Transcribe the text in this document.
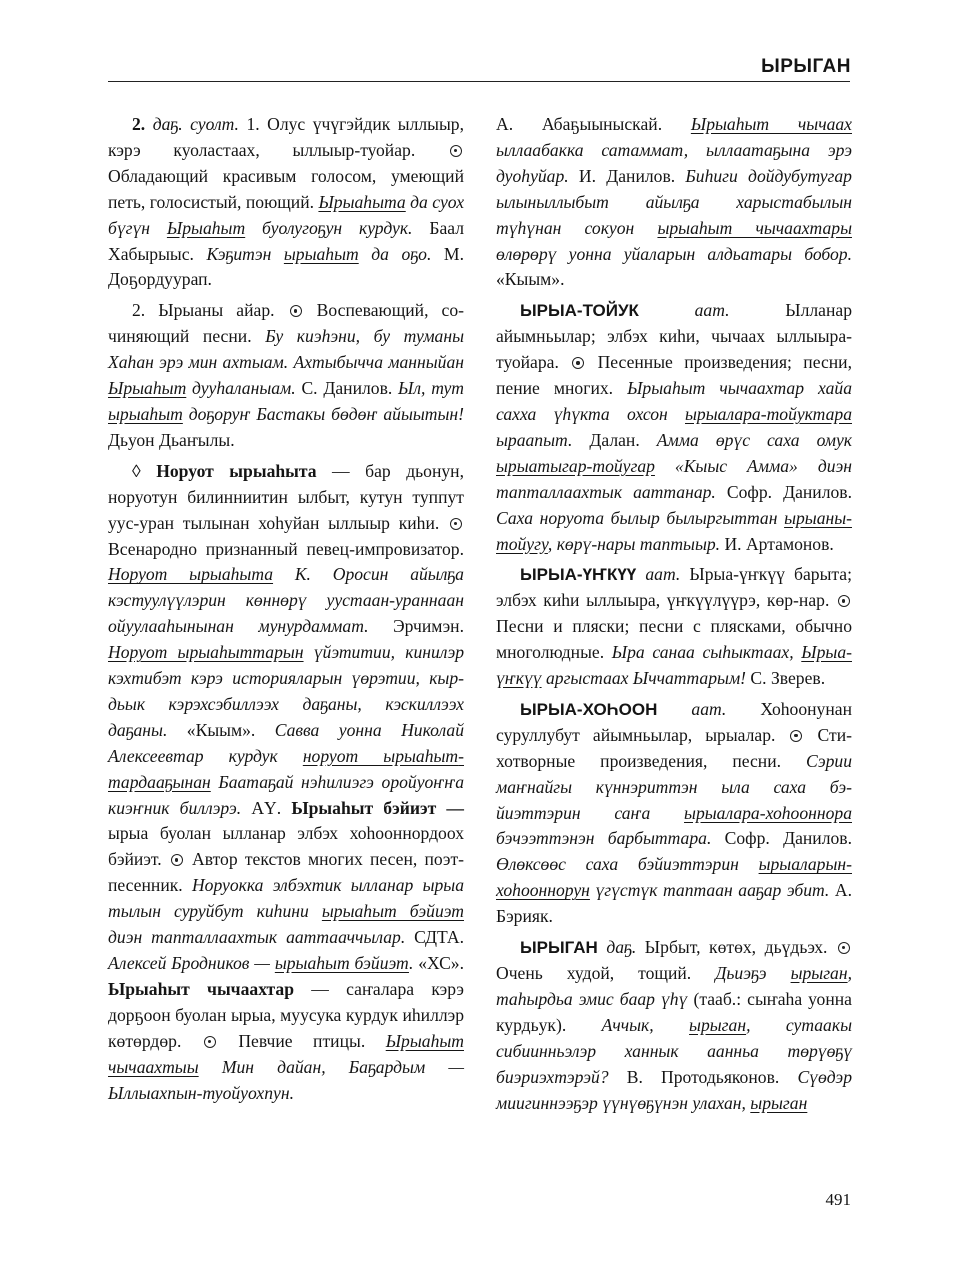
ЫРЫГАН

2. даҕ. суолт. 1. Олус үчүгэйдик ыллыыр, кэрэ куоластаах, ыллыыр-туойар.  Обладающий красивым голосом, умеющий петь, голосистый, поющий. Ырыаһыта да суох бүгүн Ырыаһыт буолугоҕун курдук. Баал Хабырыыс. Кэҕитэн ырыаһыт да оҕо. М. Доҕордуурап.

2. Ырыаны айар.  Воспевающий, сочиняющий песни. Бу киэһэни, бу туманы Хаһан эрэ мин ахтыам. Ахтыбычча манныйан Ырыаһыт дууһаланыам. С. Данилов. Ыл, тут ырыаһыт доҕоруҥ Бастакы бөдөҥ айыытын! Дьуон Дьаҥылы.

◊ Норуот ырыаһыта — бар дьонун, норуотун билинниитин ылбыт, кутун туппут уус-уран тылынан хоһуйан ыллыыр киһи.  Всенародно признанный певец-импровизатор. Норуот ырыаһыта К. Оросин айылҕа кэстуулүүлэрин көннөрү уустаан-ураннаан ойуулааһынынан мунурдаммат. Эрчимэн. Норуот ырыаһыттарын үйэтитии, кинилэр кэхтибэт кэрэ историяларын үөрэтии, кырдьык кэрэхсэбиллээх даҕаны, кэскиллээх даҕаны. «Кыым». Савва уонна Николай Алексеевтар курдук норуот ырыаһыттардааҕынан Баатаҕай нэһилиэгэ оройуоҥҥа киэҥник биллэрэ. АҮ. Ырыаһыт бэйиэт — ырыа буолан ылланар элбэх хоһооннордоох бэйиэт.  Автор текстов многих песен, поэт-песенник. Норуокка элбэхтик ылланар ырыа тылын суруйбут киһини ырыаһыт бэйиэт диэн тапталлаахтык ааттааччылар. СДТА. Алексей Бродников — ырыаһыт бэйиэт. «ХС». Ырыаһыт чычаахтар — саҥалара кэрэ дорҕоон буолан ырыа, муусука курдук иһиллэр көтөрдөр.  Певчие птицы. Ырыаһыт чычаахтыы Мин дайан, Баҕардым — Ыллыахпын-туойуохпун.

А. Абаҕыыныскай. Ырыаһыт чычаах ыллаабакка сатаммат, ыллаатаҕына эрэ дуоһуйар. И. Данилов. Биһиги дойдубутугар ылыныллыбыт айылҕа харыстабылын түһүнан сокуон ырыаһыт чычаахтары өлөрөрү уонна уйаларын алдьатары бобор. «Кыым».

ЫРЫА-ТОЙУК аат. Ылланар айымньылар; элбэх киһи, чычаах ыллыыра-туойара.  Песенные произведения; песни, пение многих. Ырыаһыт чычаахтар хайа сахха үһүкта охсон ырыалара-тойуктара ыраапыт. Далан. Амма өрүс саха омук ырыатыгар-тойугар «Кыыс Амма» диэн тапталлаахтык ааттанар. Софр. Данилов. Саха норуота былыр былыргыттан ырыаны-тойугу, көрү-нары таптыыр. И. Артамонов.

ЫРЫА-ҮҤКҮҮ аат. Ырыа-үҥкүү барыта; элбэх киһи ыллыыра, үҥкүүлүүрэ, көр-нар.  Песни и пляски; песни с плясками, обычно многолюдные. Ыра санаа сыһыктаах, Ырыа-үҥкүү аргыстаах Ыччаттарым! С. Зверев.

ЫРЫА-ХОҺООН аат. Хоһоонунан суруллубут айымньылар, ырыалар.  Стихотворные произведения, песни. Сэрии маҥнайгы күннэриттэн ыла саха бэйиэттэрин саҥа ырыалара-хоһооннора бэчээттэнэн барбыттара. Софр. Данилов. Өлөксөөс саха бэйиэттэрин ырыаларын-хоһооннорун үгүстүк таптаан ааҕар эбит. А. Бэрияк.

ЫРЫГАН даҕ. Ырбыт, көтөх, дьүдьэх.  Очень худой, тощий. Дьиэҕэ ырыган, таһырдьа эмис баар үһү (тааб.: сыҥаһа уонна курдьук). Аччык, ырыган, сутаакы сибиинньэлэр ханнык аанньа төрүөҕү биэриэхтэрэй? В. Протодьяконов. Сүөдэр миигиннээҕэр үүнүөҕүнэн улахан, ырыган

491
